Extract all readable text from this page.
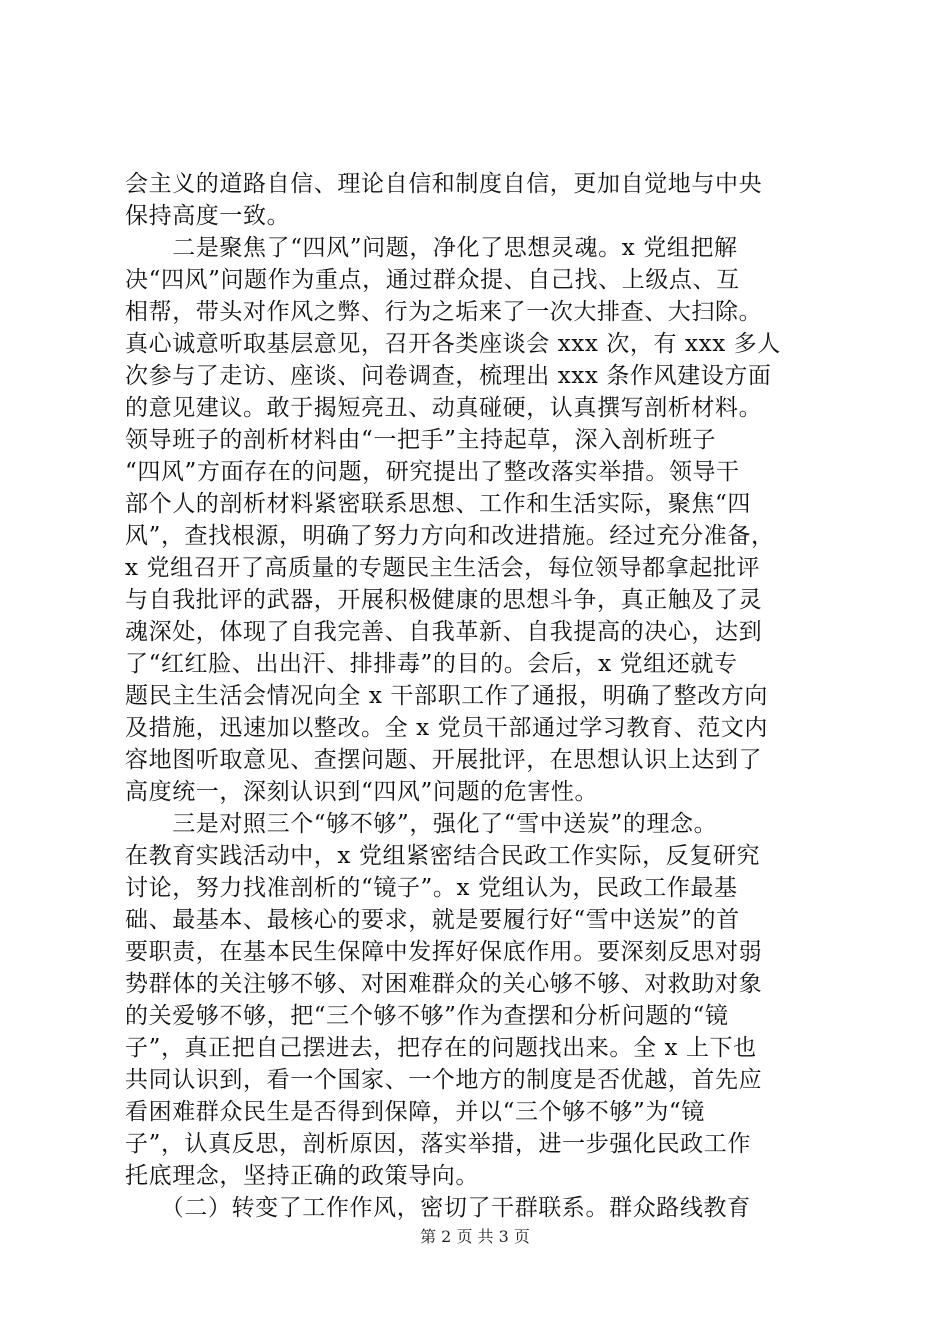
会主义的道路自信、理论自信和制度自信，更加自觉地与中央
保持高度一致。
　　二是聚焦了“四风”问题，净化了思想灵魂。x 党组把解
决“四风”问题作为重点，通过群众提、自己找、上级点、互
相帮，带头对作风之弊、行为之垢来了一次大排查、大扫除。
真心诚意听取基层意见，召开各类座谈会 xxx 次，有 xxx 多人
次参与了走访、座谈、问卷调查，梳理出 xxx 条作风建设方面
的意见建议。敢于揭短亮丑、动真碰硬，认真撰写剖析材料。
领导班子的剖析材料由“一把手”主持起草，深入剖析班子
“四风”方面存在的问题，研究提出了整改落实举措。领导干
部个人的剖析材料紧密联系思想、工作和生活实际，聚焦“四
风”，查找根源，明确了努力方向和改进措施。经过充分准备，
x 党组召开了高质量的专题民主生活会，每位领导都拿起批评
与自我批评的武器，开展积极健康的思想斗争，真正触及了灵
魂深处，体现了自我完善、自我革新、自我提高的决心，达到
了“红红脸、出出汗、排排毒”的目的。会后，x 党组还就专
题民主生活会情况向全 x 干部职工作了通报，明确了整改方向
及措施，迅速加以整改。全 x 党员干部通过学习教育、范文内
容地图听取意见、查摆问题、开展批评，在思想认识上达到了
高度统一，深刻认识到“四风”问题的危害性。
　　三是对照三个“够不够”，强化了“雪中送炭”的理念。
在教育实践活动中，x 党组紧密结合民政工作实际，反复研究
讨论，努力找准剖析的“镜子”。x 党组认为，民政工作最基
础、最基本、最核心的要求，就是要履行好“雪中送炭”的首
要职责，在基本民生保障中发挥好保底作用。要深刻反思对弱
势群体的关注够不够、对困难群众的关心够不够、对救助对象
的关爱够不够，把“三个够不够”作为查摆和分析问题的“镜
子”，真正把自己摆进去，把存在的问题找出来。全 x 上下也
共同认识到，看一个国家、一个地方的制度是否优越，首先应
看困难群众民生是否得到保障，并以“三个够不够”为“镜
子”，认真反思，剖析原因，落实举措，进一步强化民政工作
托底理念，坚持正确的政策导向。
　　（二）转变了工作作风，密切了干群联系。群众路线教育
第 2 页 共 3 页
